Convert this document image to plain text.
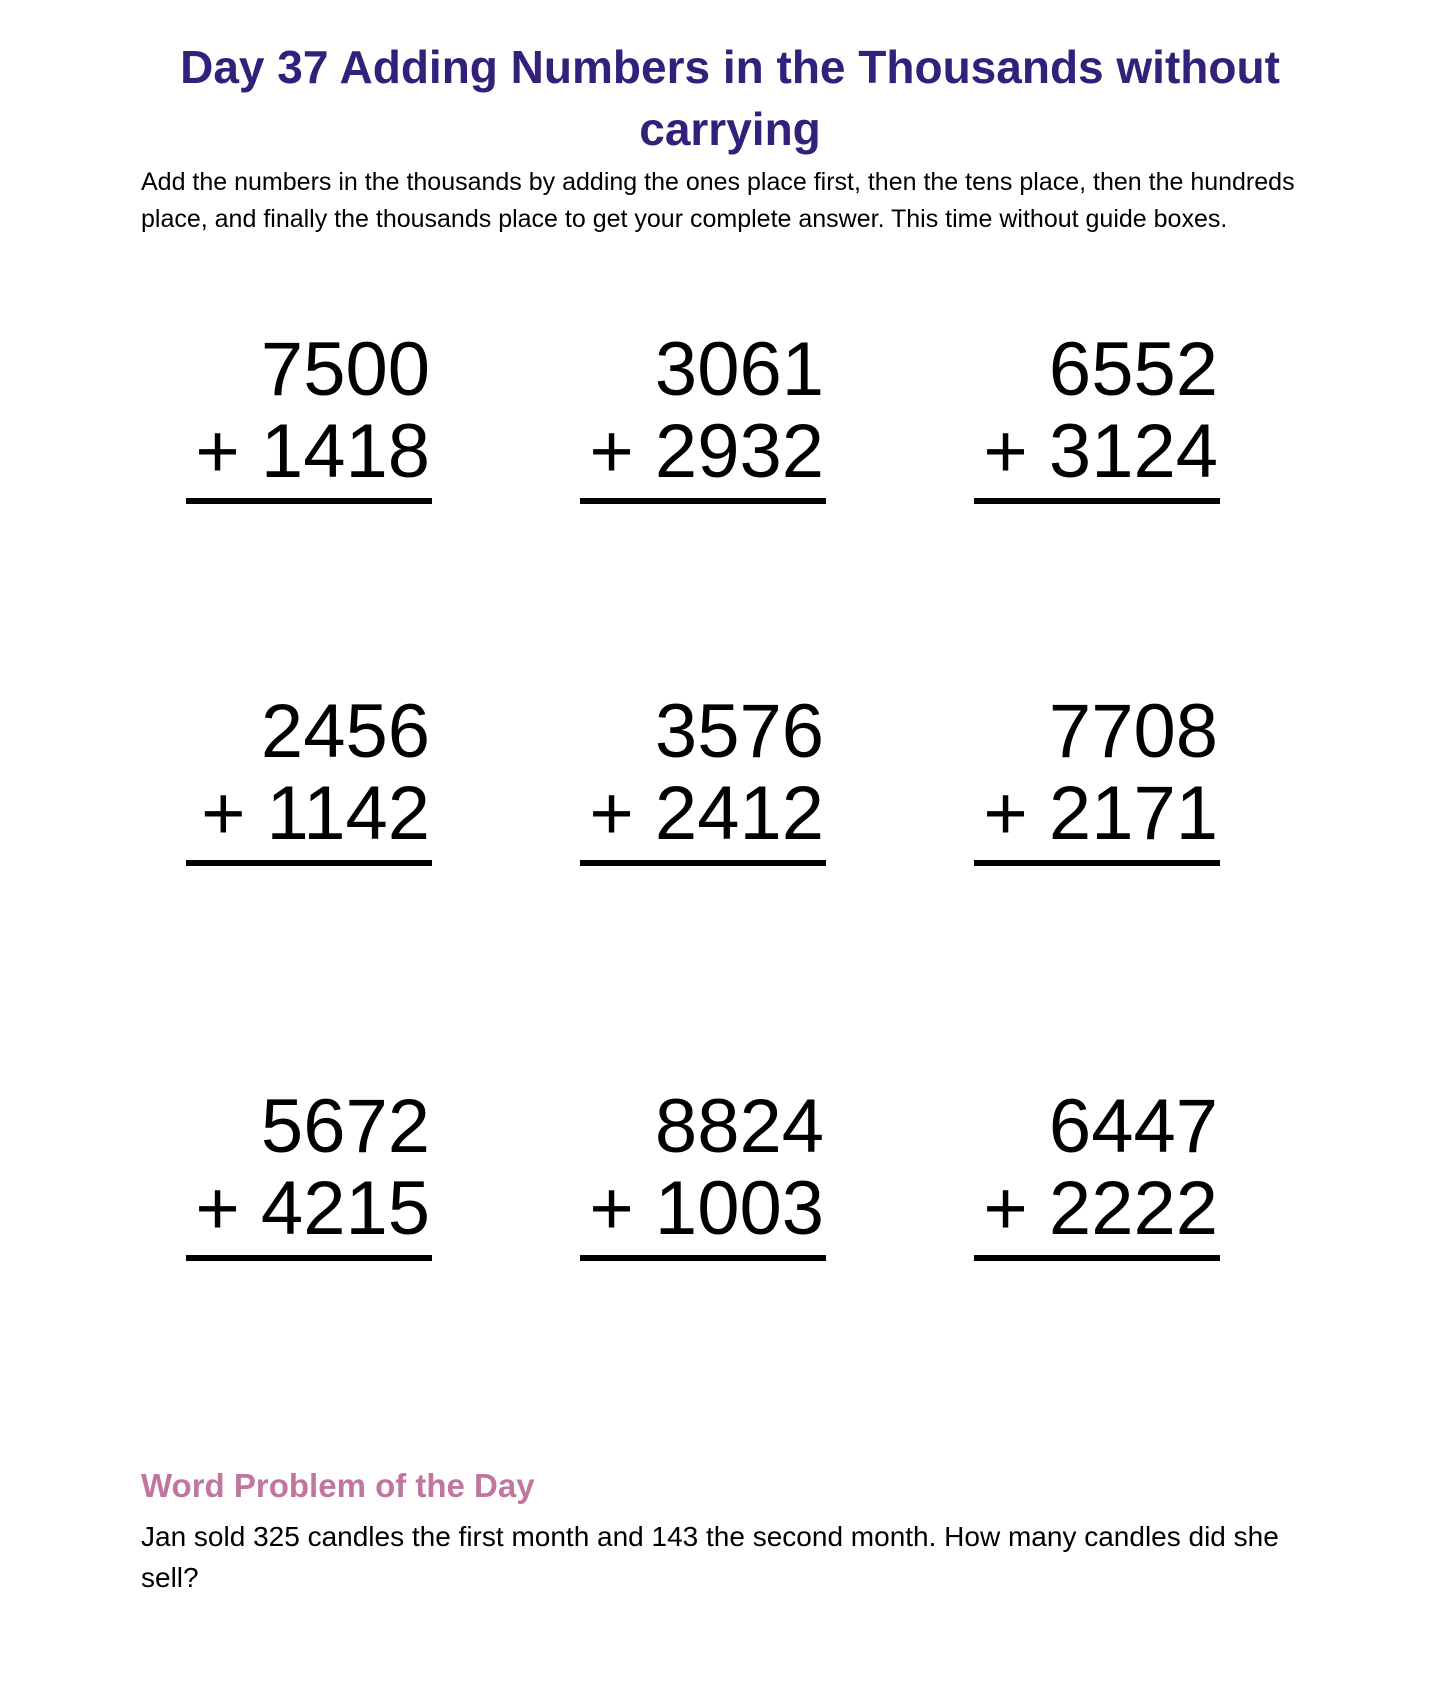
Day 37 Adding Numbers in the Thousands without carrying

Add the numbers in the thousands by adding the ones place first, then the tens place, then the hundreds place, and finally the thousands place to get your complete answer. This time without guide boxes.

7500
+ 1418
3061
+ 2932
6552
+ 3124
2456
+ 1142
3576
+ 2412
7708
+ 2171
5672
+ 4215
8824
+ 1003
6447
+ 2222
Word Problem of the Day

Jan sold 325 candles the first month and 143 the second month. How many candles did she sell?
